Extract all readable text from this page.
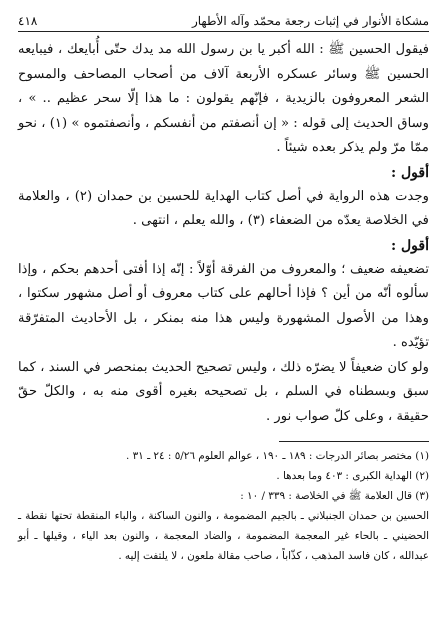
مشكاة الأنوار في إثبات رجعة محمّد وآله الأطهار
٤١٨

فيقول الحسين ﷺ : الله أكبر يا بن رسول الله مد يدك حتّى أُبايعك ، فيبايعه الحسين ﷺ وسائر عسكره الأربعة آلاف من أصحاب المصاحف والمسوح الشعر المعروفون بالزيدية ، فإنّهم يقولون : ما هذا إلّا سحر عظيم .. » ، وساق الحديث إلى قوله : « إن أنصفتم من أنفسكم ، وأنصفتموه » (١) ، نحو ممّا مرّ ولم يذكر بعده شيئاً .

أقول :

وجدت هذه الرواية في أصل كتاب الهداية للحسين بن حمدان (٢) ، والعلامة في الخلاصة يعدّه من الضعفاء (٣) ، والله يعلم ، انتهى .

أقول :

تضعيفه ضعيف ؛ والمعروف من الفرقة أوّلاً : إنّه إذا أفتى أحدهم بحكم ، وإذا سألوه أنّه من أين ؟ فإذا أحالهم على كتاب معروف أو أصل مشهور سكتوا ، وهذا من الأصول المشهورة وليس هذا منه بمنكر ، بل الأحاديث المتفرّقة تؤيّده .

ولو كان ضعيفاً لا يضرّه ذلك ، وليس تصحيح الحديث بمنحصر في السند ، كما سبق وبسطناه في السلم ، بل تصحيحه بغيره أقوى منه به ، والكلّ حقّ حقيقة ، وعلى كلّ صواب نور .

(١) مختصر بصائر الدرجات : ١٨٩ ـ ١٩٠ ، عوالم العلوم ٥/٢٦ : ٢٤ ـ ٣١ .

(٢) الهداية الكبرى : ٤٠٣ وما بعدها .

(٣) قال العلامة ﷺ في الخلاصة : ٣٣٩ / ١٠ :

الحسين بن حمدان الجنبلاني ـ بالجيم المضمومة ، والنون الساكنة ، والباء المنقطة تحتها نقطة ـ الحضيني ـ بالحاء غير المعجمة المضمومة ، والضاد المعجمة ، والنون بعد الياء ، وقيلها ـ أبو عبدالله ، كان فاسد المذهب ، كذّاباً ، صاحب مقالة ملعون ، لا يلتفت إليه .
